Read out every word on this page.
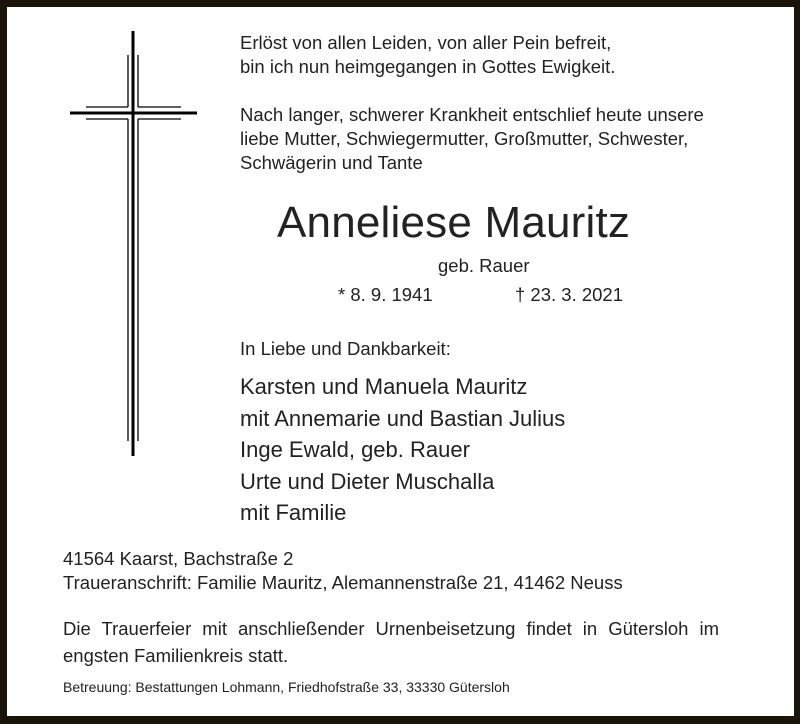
Erlöst von allen Leiden, von aller Pein befreit,
bin ich nun heimgegangen in Gottes Ewigkeit.
Nach langer, schwerer Krankheit entschlief heute unsere
liebe Mutter, Schwiegermutter, Großmutter, Schwester,
Schwägerin und Tante
Anneliese Mauritz
geb. Rauer
* 8. 9. 1941	† 23. 3. 2021
In Liebe und Dankbarkeit:
Karsten und Manuela Mauritz
mit Annemarie und Bastian Julius
Inge Ewald, geb. Rauer
Urte und Dieter Muschalla
mit Familie
41564 Kaarst, Bachstraße 2
Traueranschrift: Familie Mauritz, Alemannenstraße 21, 41462 Neuss
Die Trauerfeier mit anschließender Urnenbeisetzung findet in Gütersloh im engsten Familienkreis statt.
Betreuung: Bestattungen Lohmann, Friedhofstraße 33, 33330 Gütersloh
